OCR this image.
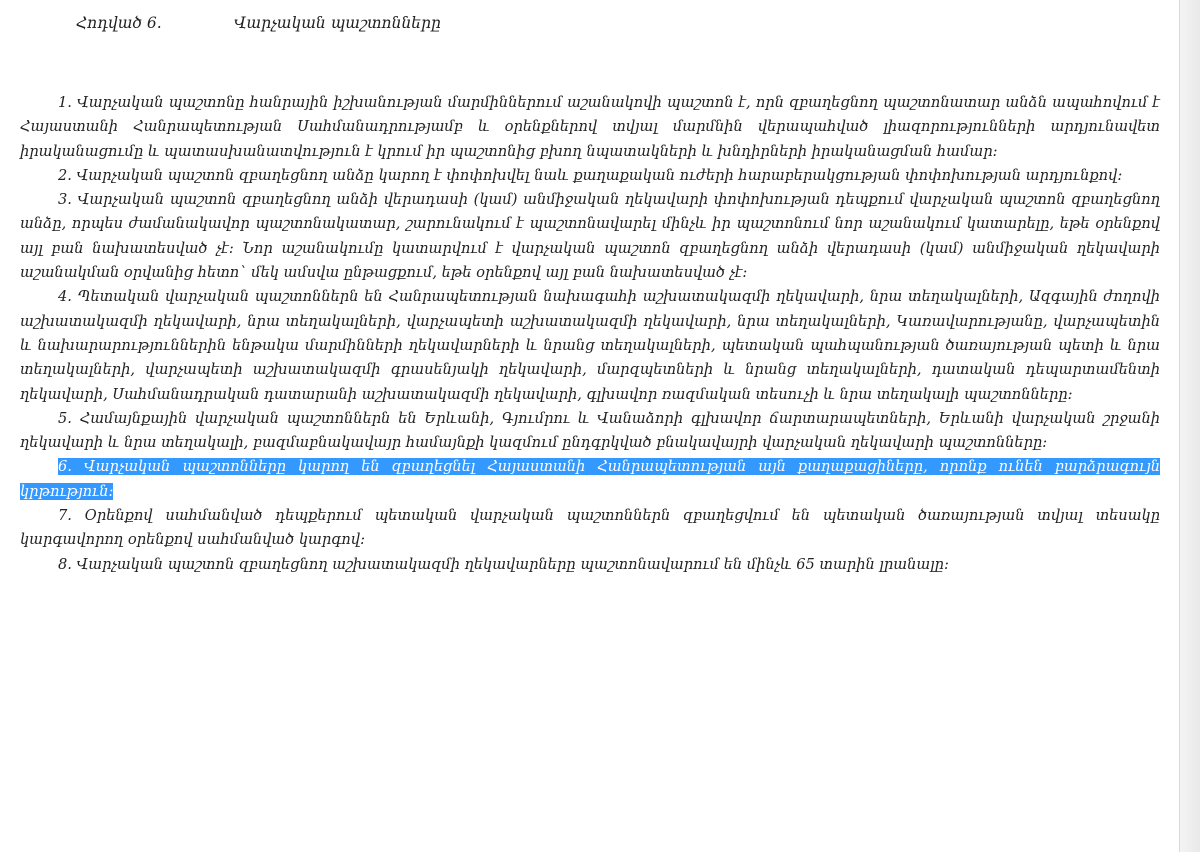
Հոդված 6.	Վարչական պաշտոնները

1. Վարչական պաշտոնը հանրային իշխանության մարմիններում աշանակովի պաշտոն է, որն զբաղեցնող պաշտոնատար անձն ապահովում է Հայաստանի Հանրապետության Սահմանադրությամբ և օրենքներով տվյալ մարմնին վերապահված լիազորությունների արդյունավետ իրականացումը և պատասխանատվություն է կրում իր պաշտոնից բխող նպատակների և խնդիրների իրականացման համար:

2. Վարչական պաշտոն զբաղեցնող անձը կարող է փոփոխվել նաև քաղաքական ուժերի հարաբերակցության փոփոխության արդյունքով:

3. Վարչական պաշտոն զբաղեցնող անձի վերադասի (կամ) անմիջական ղեկավարի փոփոխության դեպքում վարչական պաշտոն զբաղեցնող անձը, որպես ժամանակավոր պաշտոնակատար, շարունակում է պաշտոնավարել մինչև իր պաշտոնում նոր աշանակում կատարելը, եթե օրենքով այլ բան նախատեսված չէ: Նոր աշանակումը կատարվում է վարչական պաշտոն զբաղեցնող անձի վերադասի (կամ) անմիջական ղեկավարի աշանակման օրվանից հետո` մեկ ամսվա ընթացքում, եթե օրենքով այլ բան նախատեսված չէ:

4. Պետական վարչական պաշտոններն են Հանրապետության նախագահի աշխատակազմի ղեկավարի, նրա տեղակալների, Ազգային ժողովի աշխատակազմի ղեկավարի, նրա տեղակալների, վարչապետի աշխատակազմի ղեկավարի, նրա տեղակալների, Կառավարությանը, վարչապետին և նախարարություններին ենթակա մարմինների ղեկավարների և նրանց տեղակալների, պետական պահպանության ծառայության պետի և նրա տեղակալների, վարչապետի աշխատակազմի գրասենյակի ղեկավարի, մարզպետների և նրանց տեղակալների, դատական դեպարտամենտի ղեկավարի, Սահմանադրական դատարանի աշխատակազմի ղեկավարի, գլխավոր ռազմական տեսուչի և նրա տեղակալի պաշտոնները:

5. Համայնքային վարչական պաշտոններն են Երևանի, Գյումրու և Վանաձորի գլխավոր ճարտարապետների, Երևանի վարչական շրջանի ղեկավարի և նրա տեղակալի, բազմաբնակավայր համայնքի կազմում ընդգրկված բնակավայրի վարչական ղեկավարի պաշտոնները:

6. Վարչական պաշտոնները կարող են զբաղեցնել Հայաստանի Հանրապետության այն քաղաքացիները, որոնք ունեն բարձրագույն կրթություն:

7. Օրենքով սահմանված դեպքերում պետական վարչական պաշտոններն զբաղեցվում են պետական ծառայության տվյալ տեսակը կարգավորող օրենքով սահմանված կարգով:

8. Վարչական պաշտոն զբաղեցնող աշխատակազմի ղեկավարները պաշտոնավարում են մինչև 65 տարին լրանալը:
